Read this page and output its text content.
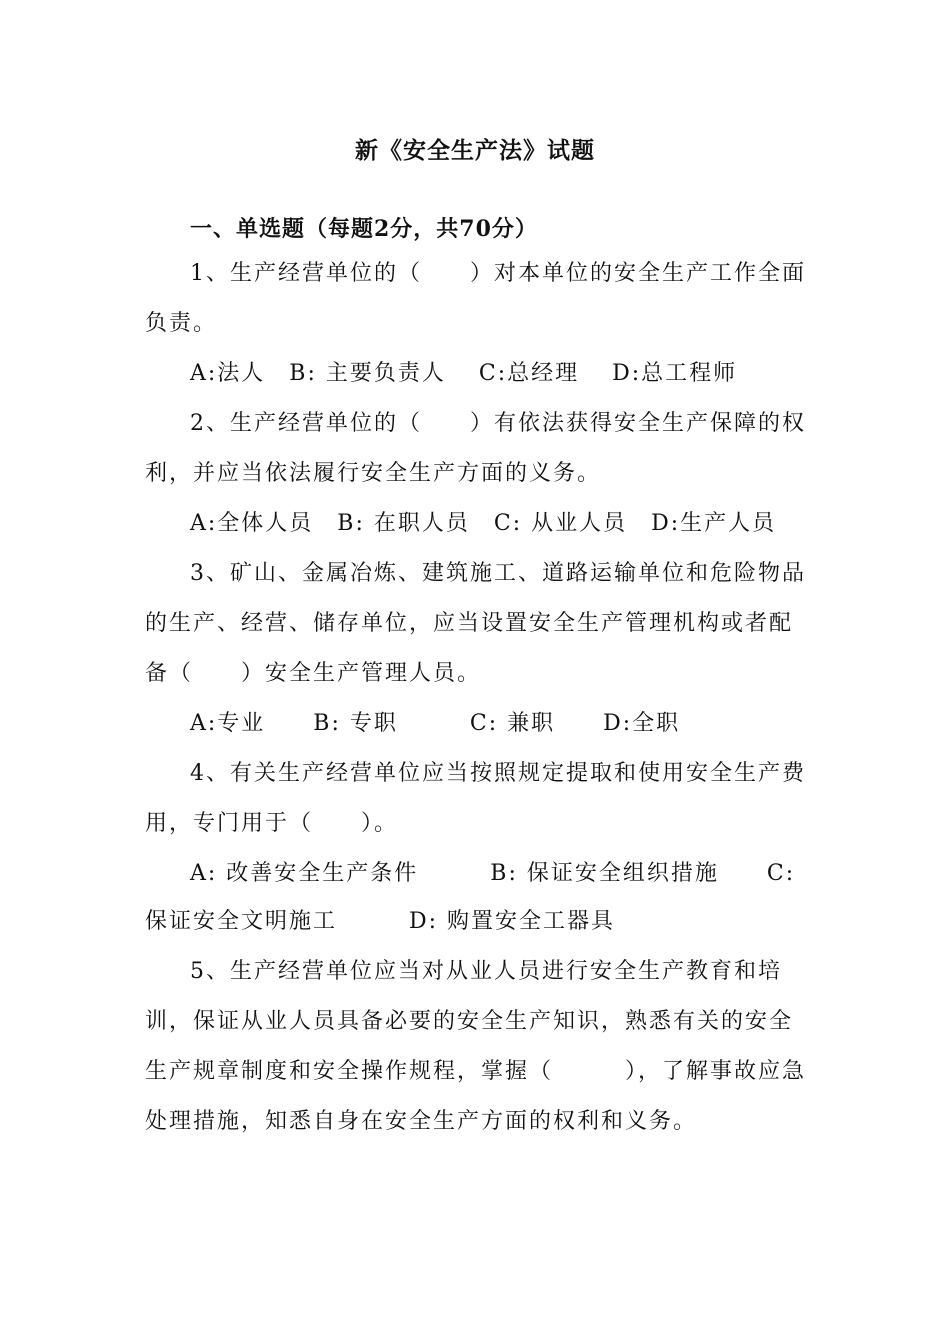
新《安全生产法》试题
一、单选题（每题2分，共70分）
1、生产经营单位的（　　）对本单位的安全生产工作全面
负责。
A:法人　B: 主要负责人　 C:总经理　 D:总工程师
2、生产经营单位的（　　）有依法获得安全生产保障的权
利，并应当依法履行安全生产方面的义务。
A:全体人员　B: 在职人员　C: 从业人员　D:生产人员
3、矿山、金属冶炼、建筑施工、道路运输单位和危险物品
的生产、经营、储存单位，应当设置安全生产管理机构或者配
备（　　）安全生产管理人员。
A:专业　　B: 专职　　　C: 兼职　　D:全职
4、有关生产经营单位应当按照规定提取和使用安全生产费
用，专门用于（　　）。
A: 改善安全生产条件　　　B: 保证安全组织措施　　C:
保证安全文明施工　　　D: 购置安全工器具
5、生产经营单位应当对从业人员进行安全生产教育和培
训，保证从业人员具备必要的安全生产知识，熟悉有关的安全
生产规章制度和安全操作规程，掌握（　　　），了解事故应急
处理措施，知悉自身在安全生产方面的权利和义务。
